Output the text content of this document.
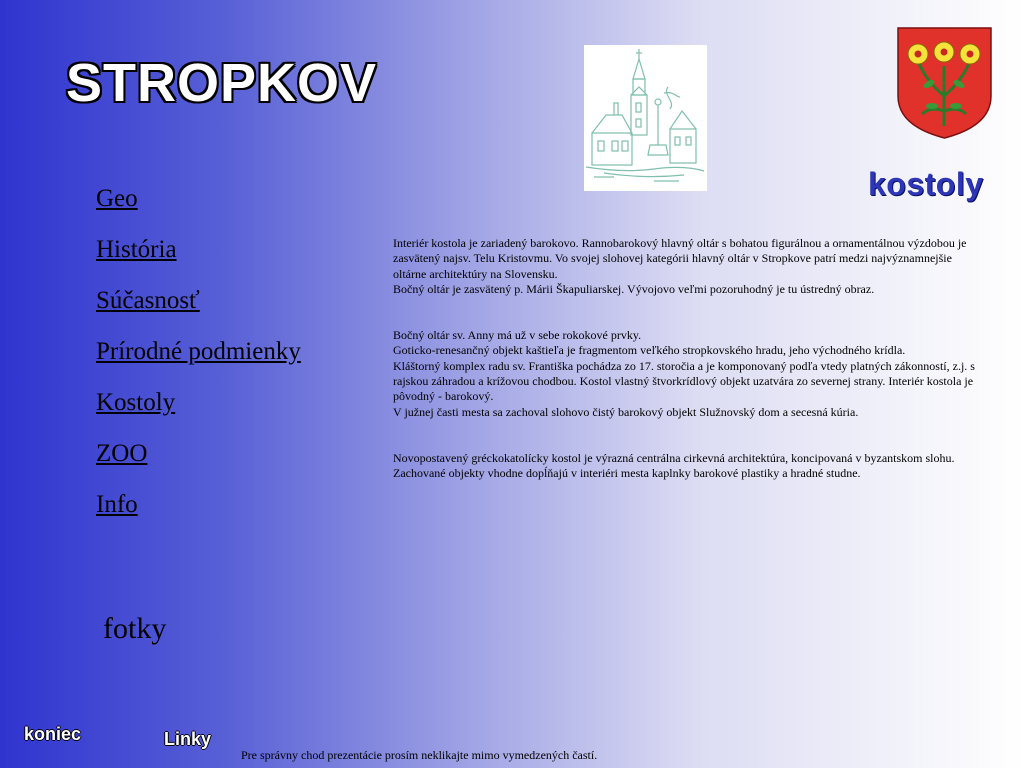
STROPKOV
kostoly
Geo
História
Súčasnosť
Prírodné podmienky
Kostoly
ZOO
Info

Interiér kostola je zariadený barokovo. Rannobarokový hlavný oltár s bohatou figurálnou a ornamentálnou výzdobou je zasvätený najsv. Telu Kristovmu. Vo svojej slohovej kategórii hlavný oltár v Stropkove patrí medzi najvýznamnejšie oltárne architektúry na Slovensku.

Bočný oltár je zasvätený p. Márii Škapuliarskej. Vývojovo veľmi pozoruhodný je tu ústredný obraz.

Bočný oltár sv. Anny má už v sebe rokokové prvky.

Goticko-renesančný objekt kaštieľa je fragmentom veľkého stropkovského hradu, jeho východného krídla.

Kláštorný komplex radu sv. Františka pochádza zo 17. storočia a je komponovaný podľa vtedy platných zákonností, z.j. s rajskou záhradou a krížovou chodbou. Kostol vlastný štvorkrídlový objekt uzatvára zo severnej strany. Interiér kostola je pôvodný - barokový.

V južnej časti mesta sa zachoval slohovo čistý barokový objekt Služnovský dom a secesná kúria.

Novopostavený gréckokatolícky kostol je výrazná centrálna cirkevná architektúra, koncipovaná v byzantskom slohu.

Zachované objekty vhodne dopĺňajú v interiéri mesta kaplnky barokové plastiky a hradné studne.

fotky
koniec	Linky
Pre správny chod prezentácie prosím neklikajte mimo vymedzených častí.
